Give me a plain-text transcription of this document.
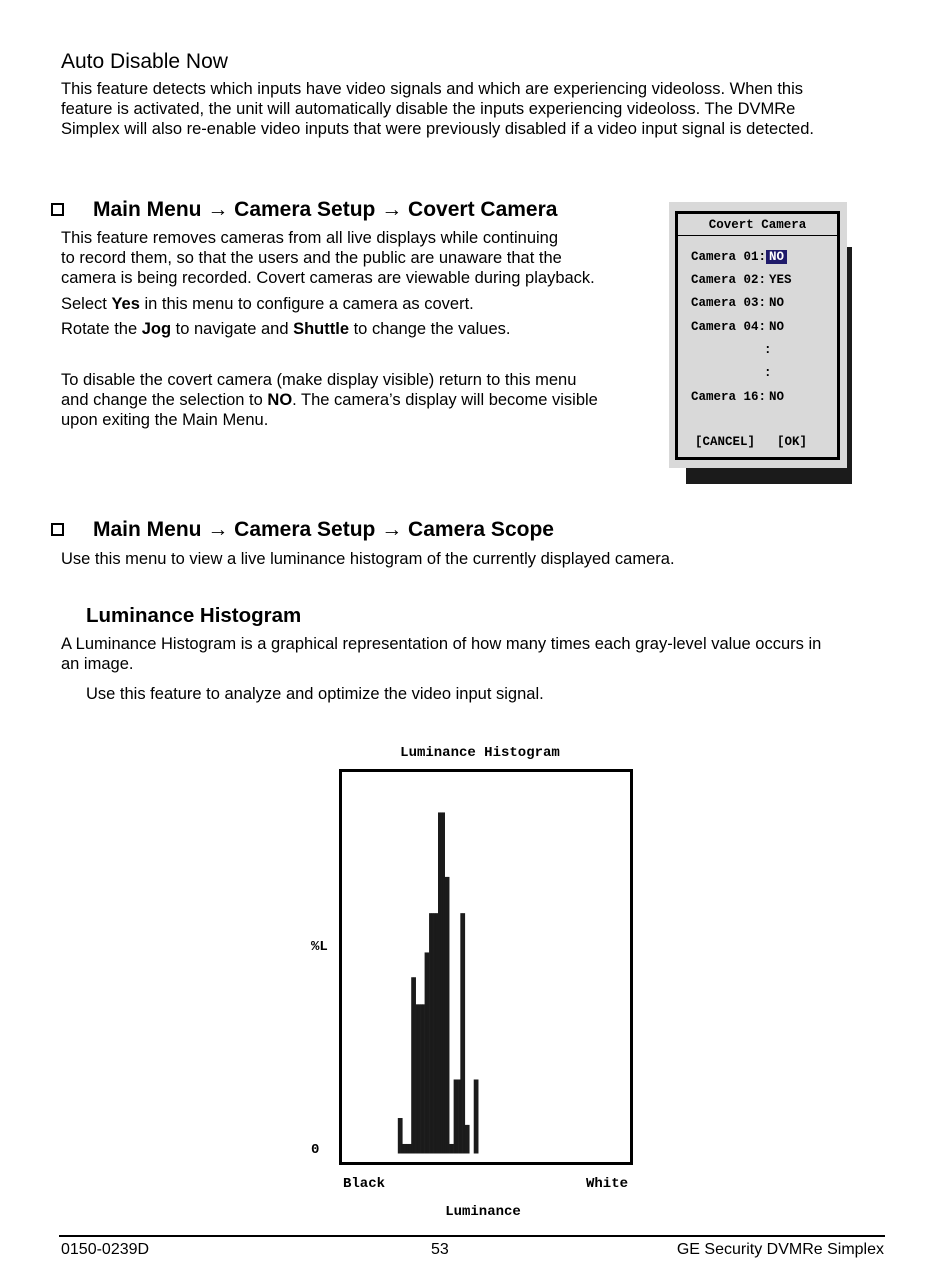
Auto Disable Now
This feature detects which inputs have video signals and which are experiencing videoloss. When this
feature is activated, the unit will automatically disable the inputs experiencing videoloss. The DVMRe
Simplex will also re-enable video inputs that were previously disabled if a video input signal is detected.
Main Menu → Camera Setup → Covert Camera
This feature removes cameras from all live displays while continuing
to record them, so that the users and the public are unaware that the
camera is being recorded. Covert cameras are viewable during playback.
Select Yes in this menu to configure a camera as covert.
Rotate the Jog to navigate and Shuttle to change the values.
To disable the covert camera (make display visible) return to this menu
and change the selection to NO. The camera’s display will become visible
upon exiting the Main Menu.
Covert Camera
Camera 01: NO
Camera 02: YES
Camera 03: NO
Camera 04: NO
:
:
Camera 16: NO
[CANCEL] [OK]
Main Menu → Camera Setup → Camera Scope
Use this menu to view a live luminance histogram of the currently displayed camera.
Luminance Histogram
A Luminance Histogram is a graphical representation of how many times each gray-level value occurs in
an image.
Use this feature to analyze and optimize the video input signal.
Luminance Histogram
%L
0
Black	White
Luminance
0150-0239D	53	GE Security DVMRe Simplex
